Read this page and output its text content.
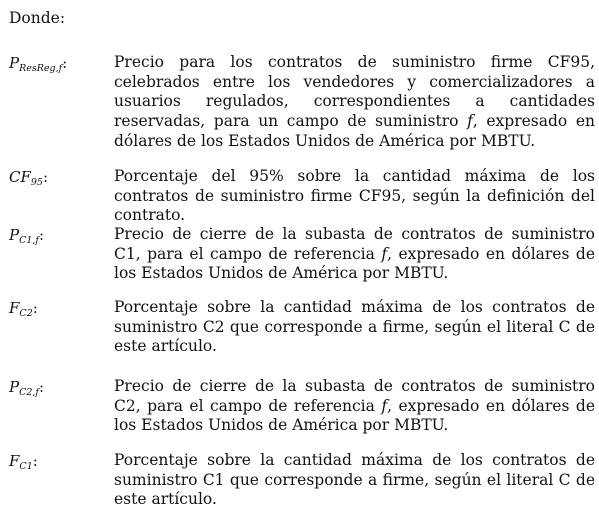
Donde:
$P_{ResReg,f}$:	Precio para los contratos de suministro firme CF95, celebrados entre los vendedores y comercializadores a usuarios regulados, correspondientes a cantidades reservadas, para un campo de suministro f, expresado en dólares de los Estados Unidos de América por MBTU.
$CF_{95}$:	Porcentaje del 95% sobre la cantidad máxima de los contratos de suministro firme CF95, según la definición del contrato.
$P_{C1,f}$:	Precio de cierre de la subasta de contratos de suministro C1, para el campo de referencia f, expresado en dólares de los Estados Unidos de América por MBTU.
$F_{C2}$:	Porcentaje sobre la cantidad máxima de los contratos de suministro C2 que corresponde a firme, según el literal C de este artículo.
$P_{C2,f}$:	Precio de cierre de la subasta de contratos de suministro C2, para el campo de referencia f, expresado en dólares de los Estados Unidos de América por MBTU.
$F_{C1}$:	Porcentaje sobre la cantidad máxima de los contratos de suministro C1 que corresponde a firme, según el literal C de este artículo.
